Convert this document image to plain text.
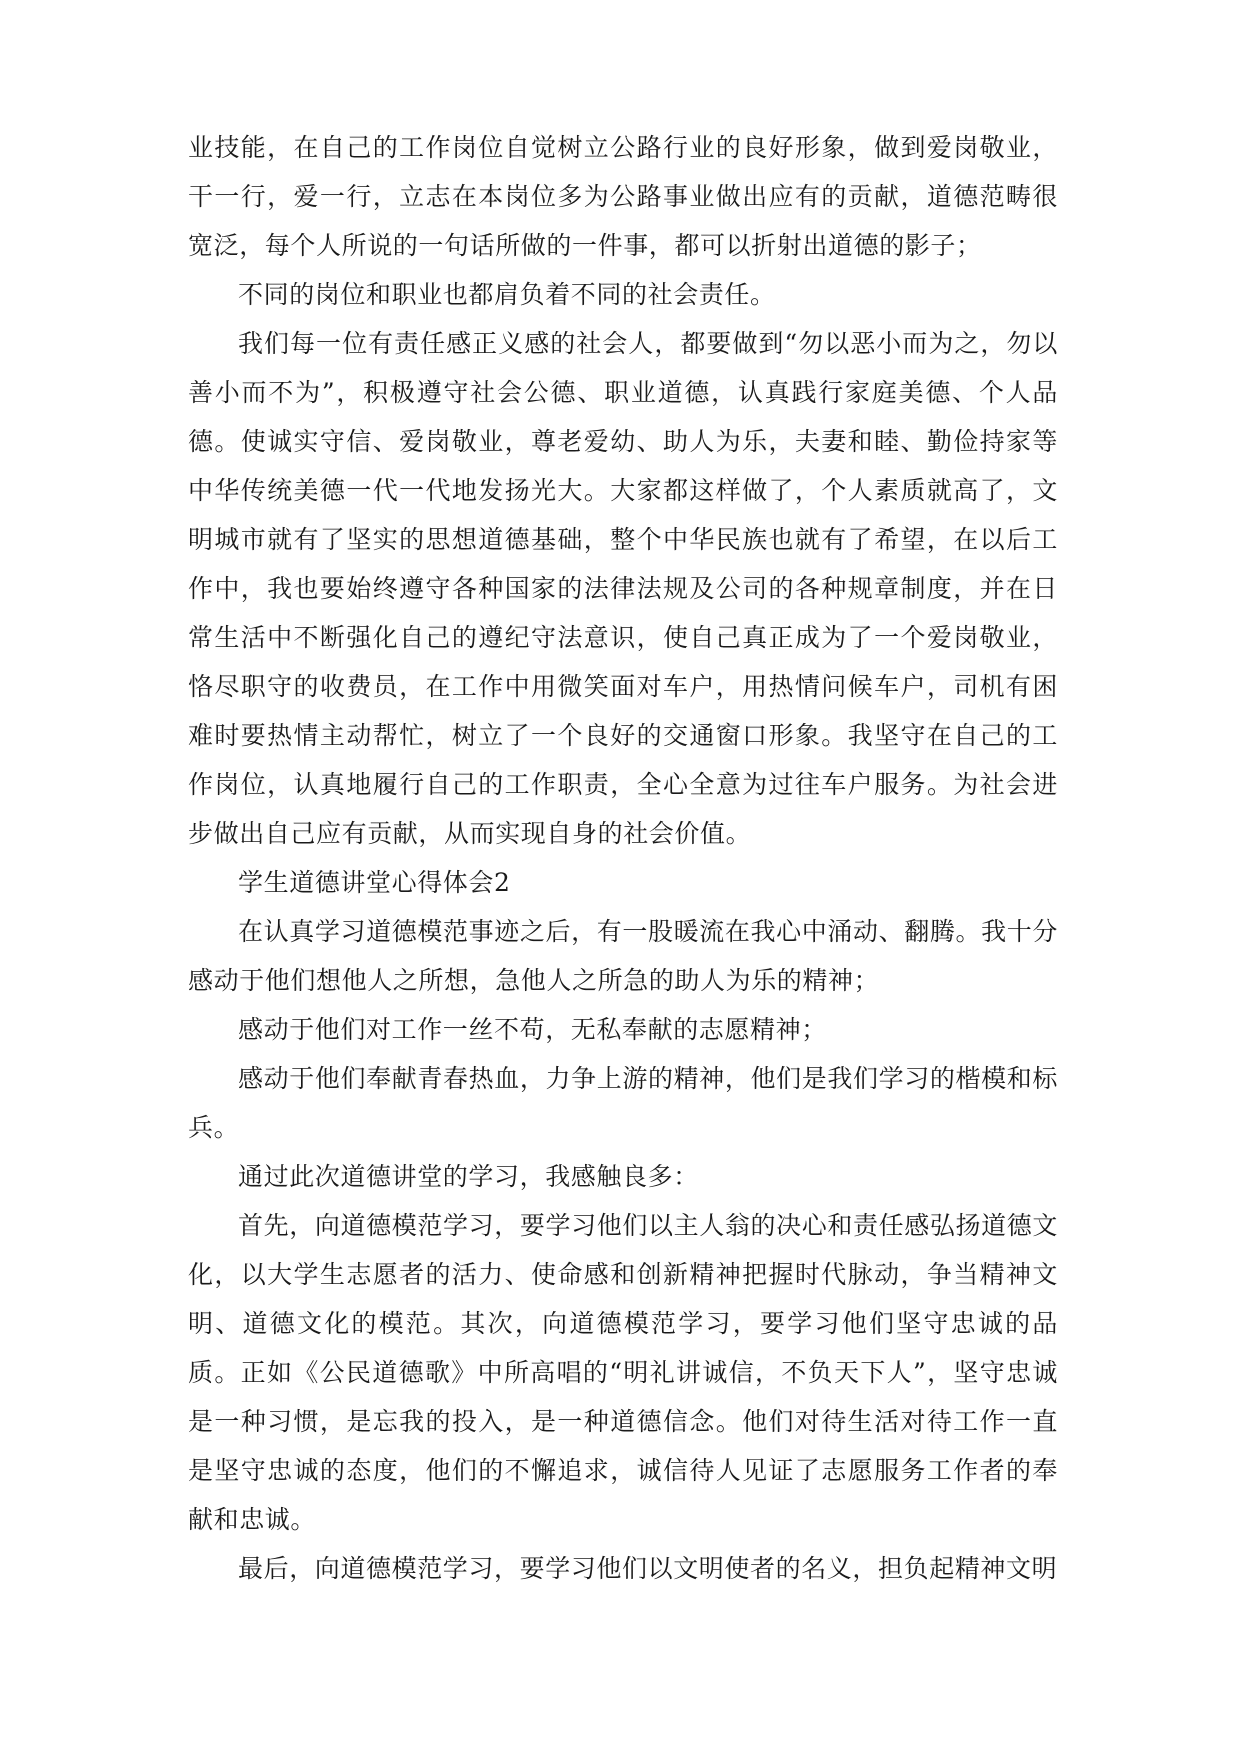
业技能，在自己的工作岗位自觉树立公路行业的良好形象，做到爱岗敬业，干一行，爱一行，立志在本岗位多为公路事业做出应有的贡献，道德范畴很宽泛，每个人所说的一句话所做的一件事，都可以折射出道德的影子；

不同的岗位和职业也都肩负着不同的社会责任。

我们每一位有责任感正义感的社会人，都要做到“勿以恶小而为之，勿以善小而不为”，积极遵守社会公德、职业道德，认真践行家庭美德、个人品德。使诚实守信、爱岗敬业，尊老爱幼、助人为乐，夫妻和睦、勤俭持家等中华传统美德一代一代地发扬光大。大家都这样做了，个人素质就高了，文明城市就有了坚实的思想道德基础，整个中华民族也就有了希望，在以后工作中，我也要始终遵守各种国家的法律法规及公司的各种规章制度，并在日常生活中不断强化自己的遵纪守法意识，使自己真正成为了一个爱岗敬业，恪尽职守的收费员，在工作中用微笑面对车户，用热情问候车户，司机有困难时要热情主动帮忙，树立了一个良好的交通窗口形象。我坚守在自己的工作岗位，认真地履行自己的工作职责，全心全意为过往车户服务。为社会进步做出自己应有贡献，从而实现自身的社会价值。

学生道德讲堂心得体会2

在认真学习道德模范事迹之后，有一股暖流在我心中涌动、翻腾。我十分感动于他们想他人之所想，急他人之所急的助人为乐的精神；

感动于他们对工作一丝不苟，无私奉献的志愿精神；

感动于他们奉献青春热血，力争上游的精神，他们是我们学习的楷模和标兵。

通过此次道德讲堂的学习，我感触良多：

首先，向道德模范学习，要学习他们以主人翁的决心和责任感弘扬道德文化，以大学生志愿者的活力、使命感和创新精神把握时代脉动，争当精神文明、道德文化的模范。其次，向道德模范学习，要学习他们坚守忠诚的品质。正如《公民道德歌》中所高唱的“明礼讲诚信，不负天下人”，坚守忠诚是一种习惯，是忘我的投入，是一种道德信念。他们对待生活对待工作一直是坚守忠诚的态度，他们的不懈追求，诚信待人见证了志愿服务工作者的奉献和忠诚。

最后，向道德模范学习，要学习他们以文明使者的名义，担负起精神文明
